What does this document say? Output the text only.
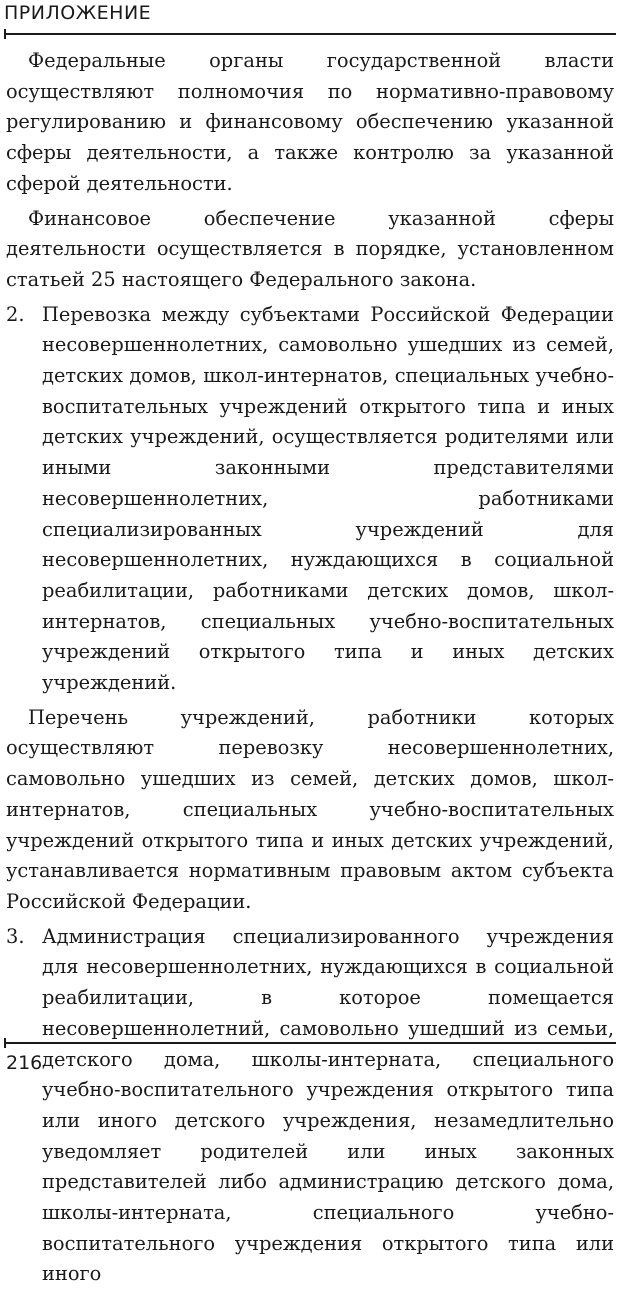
ПРИЛОЖЕНИЕ

Федеральные органы государственной власти осуществляют полномочия по нормативно-правовому регулированию и финансовому обеспечению указанной сферы деятельности, а также контролю за указанной сферой деятельности.

Финансовое обеспечение указанной сферы деятельности осуществляется в порядке, установленном статьей 25 настоящего Федерального закона.

2. Перевозка между субъектами Российской Федерации несовершеннолетних, самовольно ушедших из семей, детских домов, школ-интернатов, специальных учебно-воспитательных учреждений открытого типа и иных детских учреждений, осуществляется родителями или иными законными представителями несовершеннолетних, работниками специализированных учреждений для несовершеннолетних, нуждающихся в социальной реабилитации, работниками детских домов, школ-интернатов, специальных учебно-воспитательных учреждений открытого типа и иных детских учреждений.

Перечень учреждений, работники которых осуществляют перевозку несовершеннолетних, самовольно ушедших из семей, детских домов, школ-интернатов, специальных учебно-воспитательных учреждений открытого типа и иных детских учреждений, устанавливается нормативным правовым актом субъекта Российской Федерации.

3. Администрация специализированного учреждения для несовершеннолетних, нуждающихся в социальной реабилитации, в которое помещается несовершеннолетний, самовольно ушедший из семьи, детского дома, школы-интерната, специального учебно-воспитательного учреждения открытого типа или иного детского учреждения, незамедлительно уведомляет родителей или иных законных представителей либо администрацию детского дома, школы-интерната, специального учебно-воспитательного учреждения открытого типа или иного
216
